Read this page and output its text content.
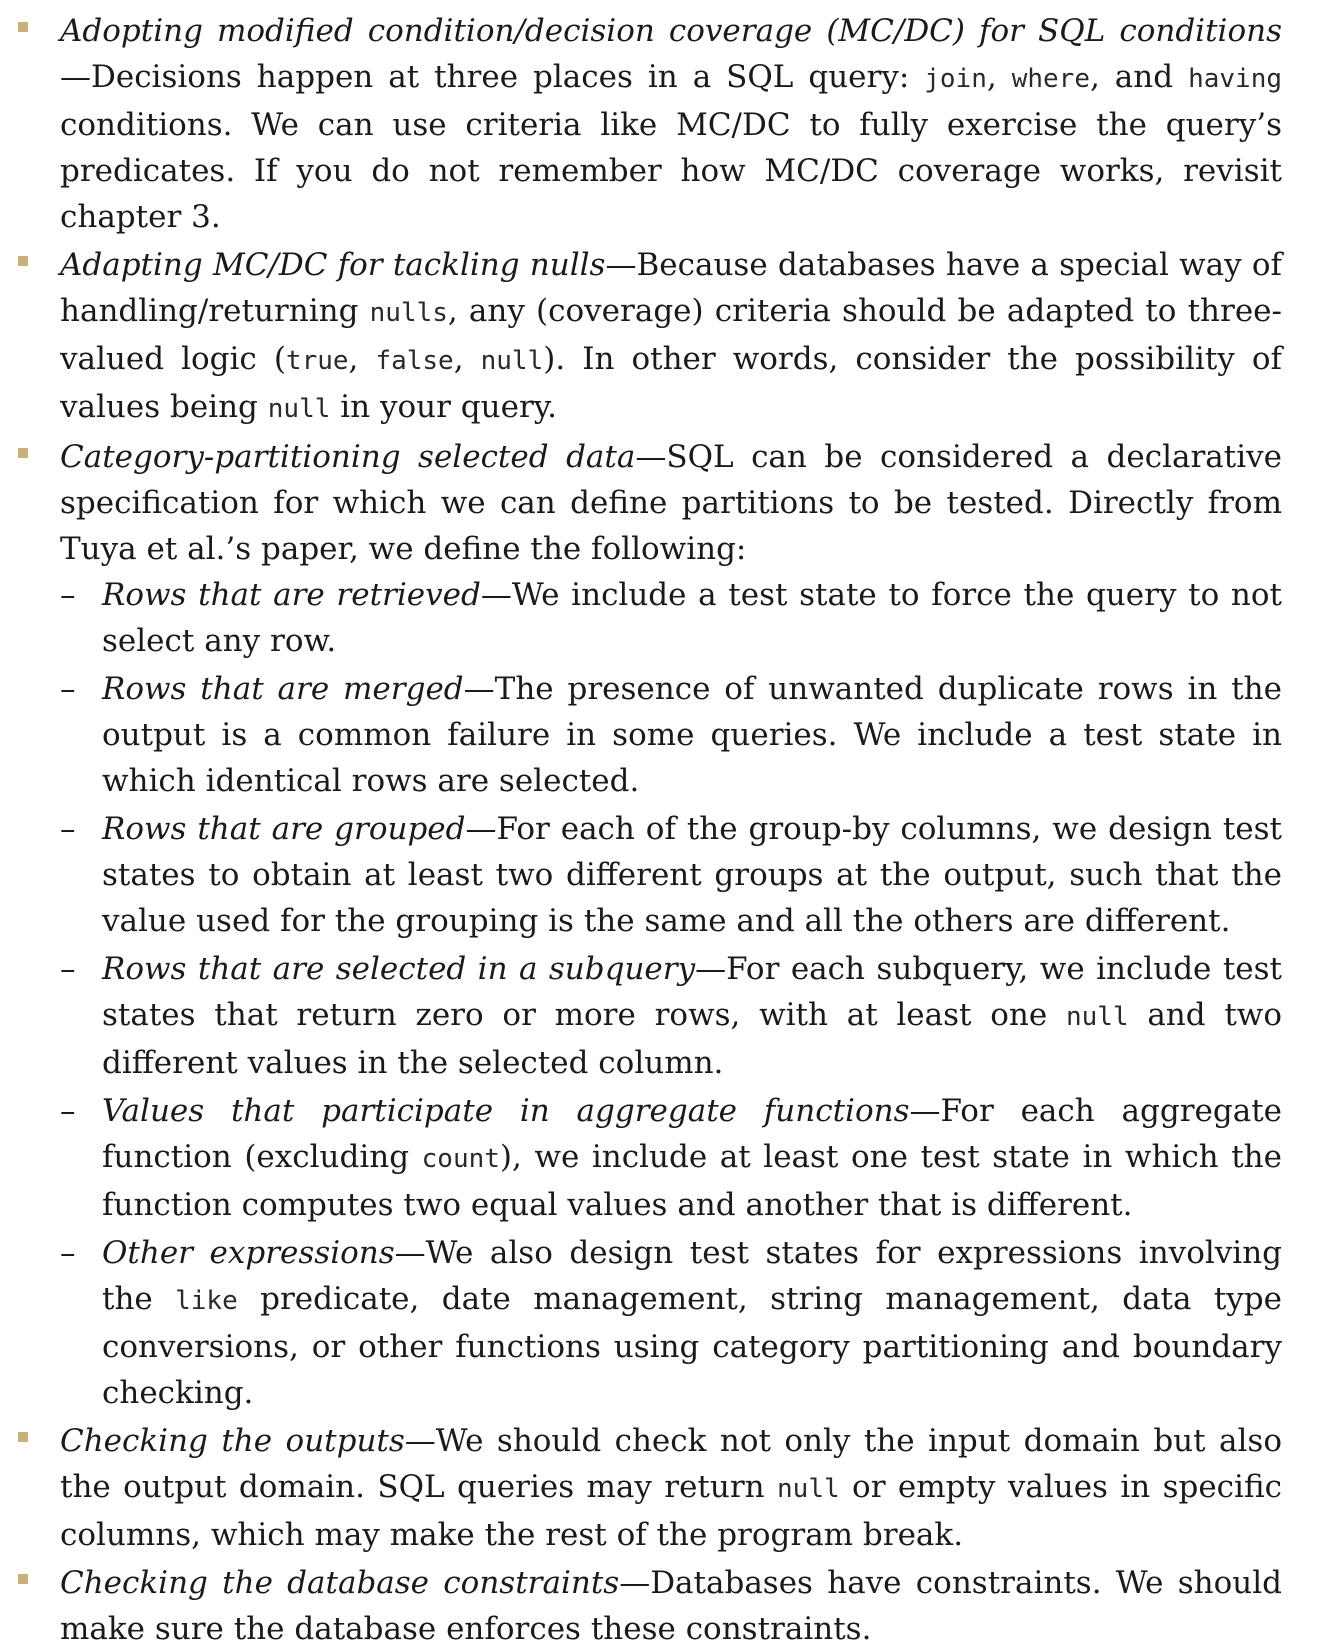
Adopting modified condition/decision coverage (MC/DC) for SQL conditions—Decisions happen at three places in a SQL query: join, where, and having conditions. We can use criteria like MC/DC to fully exercise the query’s predicates. If you do not remember how MC/DC coverage works, revisit chapter 3.

Adapting MC/DC for tackling nulls—Because databases have a special way of handling/returning nulls, any (coverage) criteria should be adapted to three-valued logic (true, false, null). In other words, consider the possibility of values being null in your query.

Category-partitioning selected data—SQL can be considered a declarative specification for which we can define partitions to be tested. Directly from Tuya et al.’s paper, we define the following:

– Rows that are retrieved—We include a test state to force the query to not select any row.

– Rows that are merged—The presence of unwanted duplicate rows in the output is a common failure in some queries. We include a test state in which identical rows are selected.

– Rows that are grouped—For each of the group-by columns, we design test states to obtain at least two different groups at the output, such that the value used for the grouping is the same and all the others are different.

– Rows that are selected in a subquery—For each subquery, we include test states that return zero or more rows, with at least one null and two different values in the selected column.

– Values that participate in aggregate functions—For each aggregate function (excluding count), we include at least one test state in which the function computes two equal values and another that is different.

– Other expressions—We also design test states for expressions involving the like predicate, date management, string management, data type conversions, or other functions using category partitioning and boundary checking.

Checking the outputs—We should check not only the input domain but also the output domain. SQL queries may return null or empty values in specific columns, which may make the rest of the program break.

Checking the database constraints—Databases have constraints. We should make sure the database enforces these constraints.
